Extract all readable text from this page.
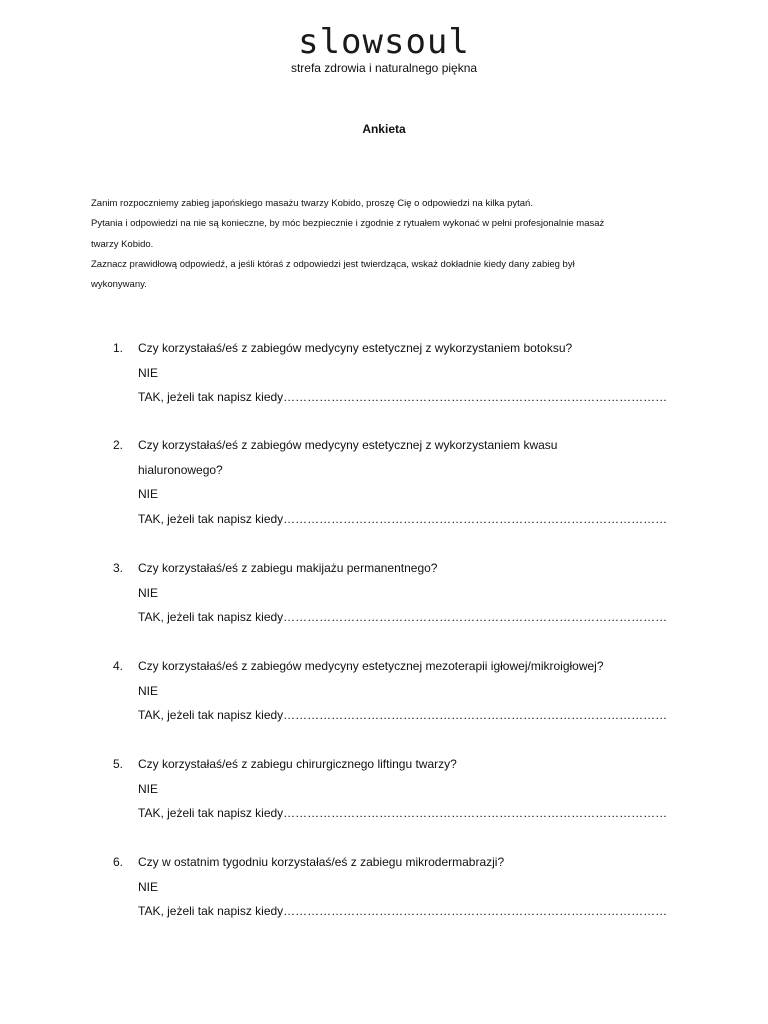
slowsoul
strefa zdrowia i naturalnego piękna
Ankieta

Zanim rozpoczniemy zabieg japońskiego masażu twarzy Kobido, proszę Cię o odpowiedzi na kilka pytań.

Pytania i odpowiedzi na nie są konieczne, by móc bezpiecznie i zgodnie z rytuałem wykonać w pełni profesjonalnie masaż

twarzy Kobido.

Zaznacz prawidłową odpowiedź, a jeśli któraś z odpowiedzi jest twierdząca, wskaż dokładnie kiedy dany zabieg był

wykonywany.

1. Czy korzystałaś/eś z zabiegów medycyny estetycznej z wykorzystaniem botoksu?
NIE
TAK, jeżeli tak napisz kiedy……………………………………………………………………………………
2. Czy korzystałaś/eś z zabiegów medycyny estetycznej z wykorzystaniem kwasu
hialuronowego?
NIE
TAK, jeżeli tak napisz kiedy……………………………………………………………………………………
3. Czy korzystałaś/eś z zabiegu makijażu permanentnego?
NIE
TAK, jeżeli tak napisz kiedy……………………………………………………………………………………
4. Czy korzystałaś/eś z zabiegów medycyny estetycznej mezoterapii igłowej/mikroigłowej?
NIE
TAK, jeżeli tak napisz kiedy……………………………………………………………………………………
5. Czy korzystałaś/eś z zabiegu chirurgicznego liftingu twarzy?
NIE
TAK, jeżeli tak napisz kiedy……………………………………………………………………………………
6. Czy w ostatnim tygodniu korzystałaś/eś z zabiegu mikrodermabrazji?
NIE
TAK, jeżeli tak napisz kiedy……………………………………………………………………………………
